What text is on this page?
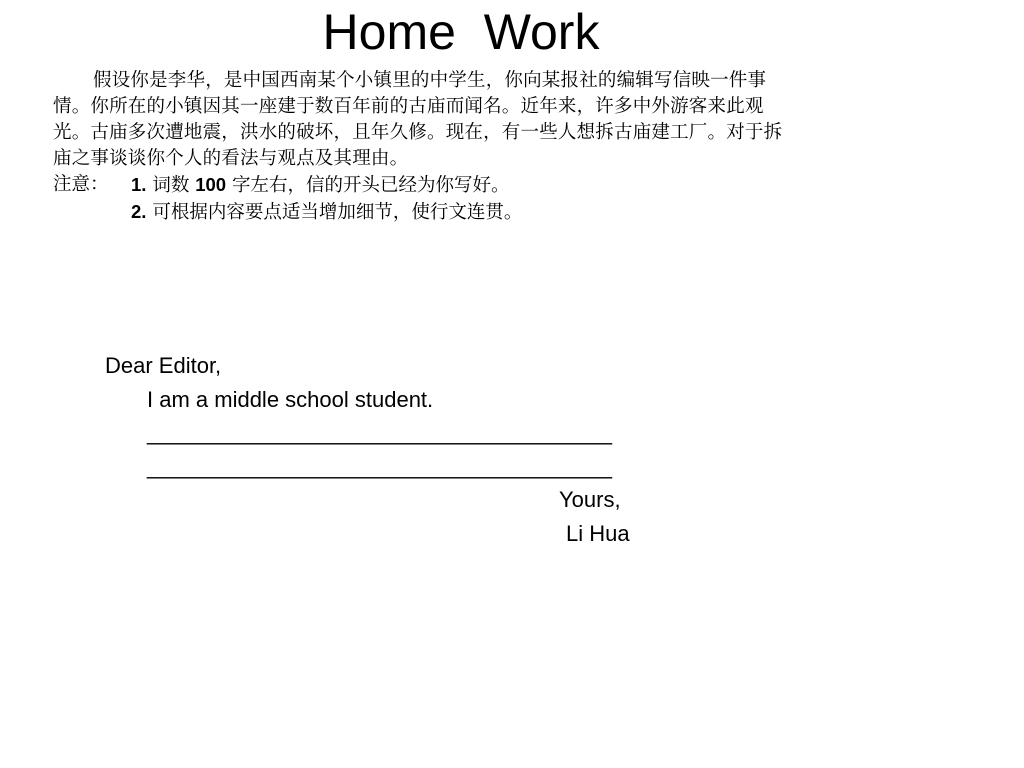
Home  Work

假设你是李华，是中国西南某个小镇里的中学生，你向某报社的编辑写信映一件事情。你所在的小镇因其一座建于数百年前的古庙而闻名。近年来，许多中外游客来此观光。古庙多次遭地震，洪水的破坏，且年久修。现在，有一些人想拆古庙建工厂。对于拆庙之事谈谈你个人的看法与观点及其理由。

注意：	1. 词数 100 字左右，信的开头已经为你写好。
2. 可根据内容要点适当增加细节，使行文连贯。

Dear Editor,

I am a middle school student.

______________________________________

______________________________________

Yours,

Li Hua
